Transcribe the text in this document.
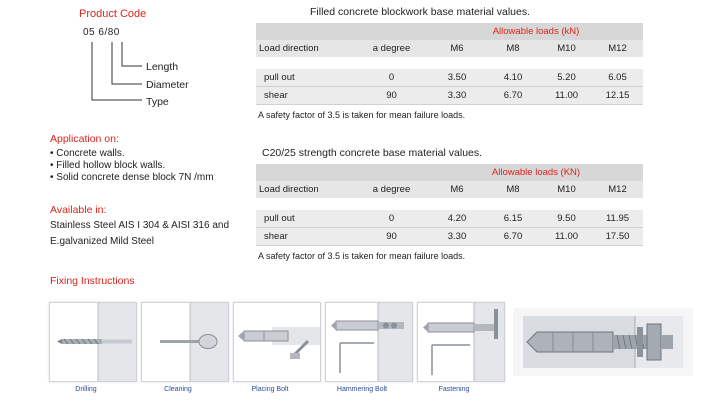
Product Code
05 6/80
Length
Diameter
Type
Application on:
• Concrete walls.
• Filled hollow block walls.
• Solid concrete dense block 7N /mm
Available in:
Stainless Steel AIS I 304 & AISI 316 and
E.galvanized Mild Steel
Filled concrete blockwork base material values.
		Allowable loads (kN)			
Load direction	a degree	M6	M8	M10	M12

pull out	0	3.50	4.10	5.20	6.05
shear	90	3.30	6.70	11.00	12.15
A safety factor of 3.5 is taken for mean failure loads.
C20/25 strength concrete base material values.
		Allowable loads (KN)			
Load direction	a degree	M6	M8	M10	M12

pull out	0	4.20	6.15	9.50	11.95
shear	90	3.30	6.70	11.00	17.50
A safety factor of 3.5 is taken for mean failure loads.
Fixing Instructions
Drilling	Cleaning	Placing Bolt	Hammering Bolt	Fastening
